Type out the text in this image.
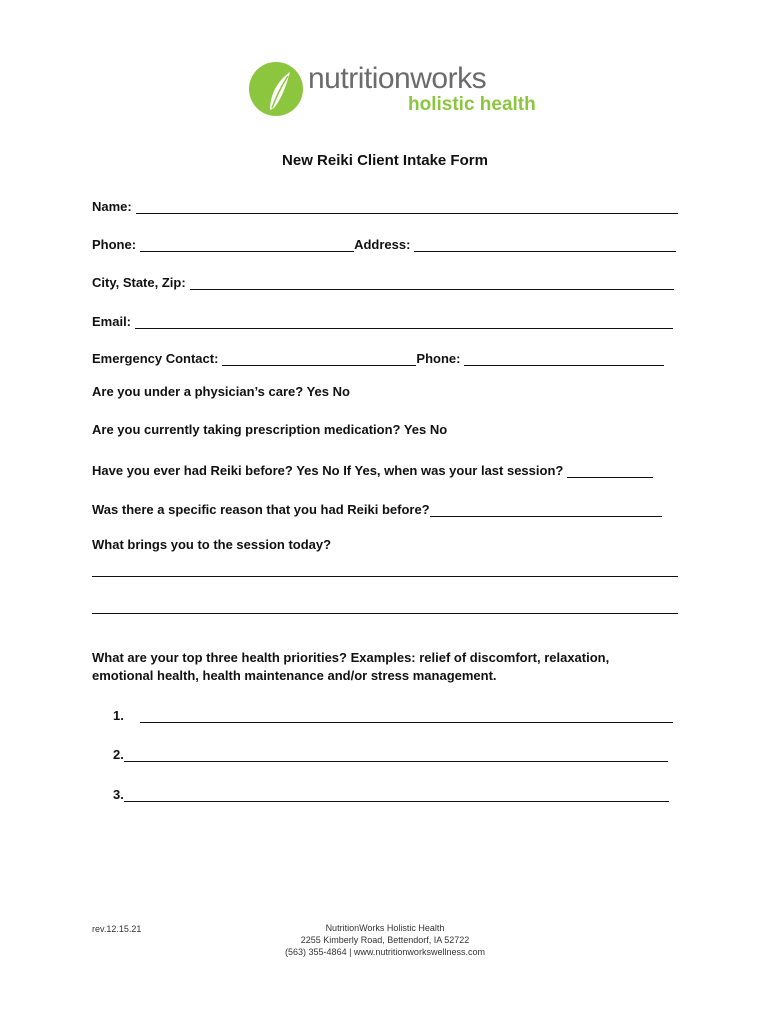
nutritionworks
holistic health
New Reiki Client Intake Form
Name:
Phone:	Address:
City, State, Zip:
Email:
Emergency Contact:	Phone:
Are you under a physician’s care? Yes No
Are you currently taking prescription medication? Yes No
Have you ever had Reiki before? Yes No If Yes, when was your last session?
Was there a specific reason that you had Reiki before?
What brings you to the session today?
What are your top three health priorities? Examples: relief of discomfort, relaxation,
emotional health, health maintenance and/or stress management.
1.
2.
3.
rev.12.15.21	NutritionWorks Holistic Health
2255 Kimberly Road, Bettendorf, IA 52722
(563) 355-4864 | www.nutritionworkswellness.com
